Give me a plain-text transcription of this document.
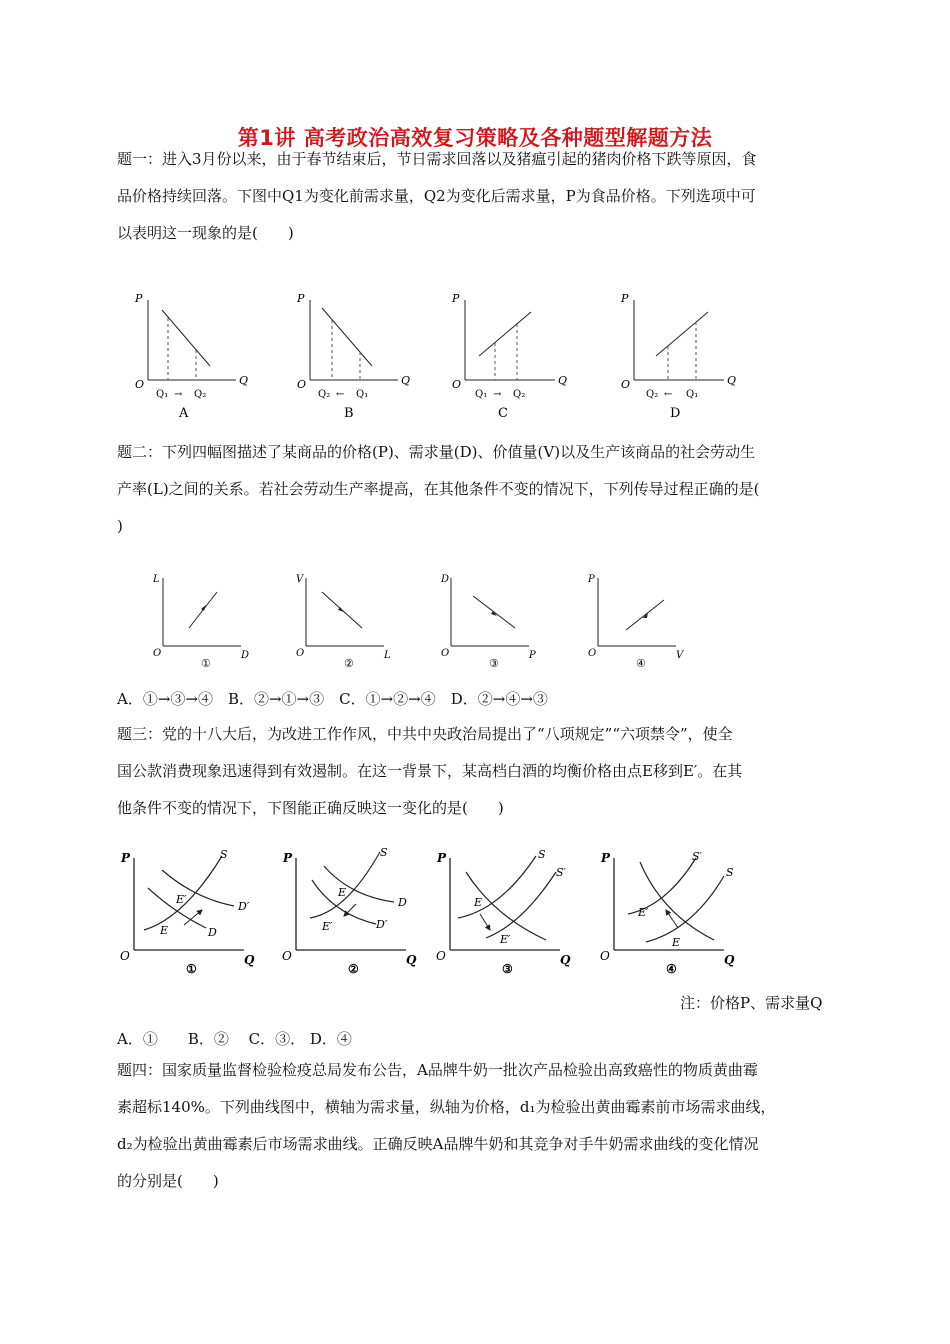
第1讲 高考政治高效复习策略及各种题型解题方法
题一：进入3月份以来，由于春节结束后，节日需求回落以及猪瘟引起的猪肉价格下跌等原因，食
品价格持续回落。下图中Q1为变化前需求量，Q2为变化后需求量，P为食品价格。下列选项中可
以表明这一现象的是(　　)
P
Q
O
Q₁ → Q₂
A
P
Q
O
Q₂ ← Q₁
B
P
Q
O
Q₁ → Q₂
C
P
Q
O
Q₂ ← Q₁
D
题二：下列四幅图描述了某商品的价格(P)、需求量(D)、价值量(V)以及生产该商品的社会劳动生
产率(L)之间的关系。若社会劳动生产率提高，在其他条件不变的情况下，下列传导过程正确的是(
)
L
D
O
①
V
L
O
②
D
P
O
③
P
V
O
④
A．①→③→④　B．②→①→③　C．①→②→④　D．②→④→③
题三：党的十八大后，为改进工作作风，中共中央政治局提出了“八项规定”“六项禁令”，使全
国公款消费现象迅速得到有效遏制。在这一背景下，某高档白酒的均衡价格由点E移到E′。在其
他条件不变的情况下，下图能正确反映这一变化的是(　　)
P
Q
O
S
D′
D
E′
E
①
P
Q
O
S
D
D′
E
E′
②
P
Q
O
S
S′
E
E′
③
P
Q
O
S′
S
E′
E
④
注：价格P、需求量Q
A．①　　B．②　 C．③． D．④
题四：国家质量监督检验检疫总局发布公告，A品牌牛奶一批次产品检验出高致癌性的物质黄曲霉
素超标140%。下列曲线图中，横轴为需求量，纵轴为价格，d₁为检验出黄曲霉素前市场需求曲线，
d₂为检验出黄曲霉素后市场需求曲线。正确反映A品牌牛奶和其竞争对手牛奶需求曲线的变化情况
的分别是(　　)
